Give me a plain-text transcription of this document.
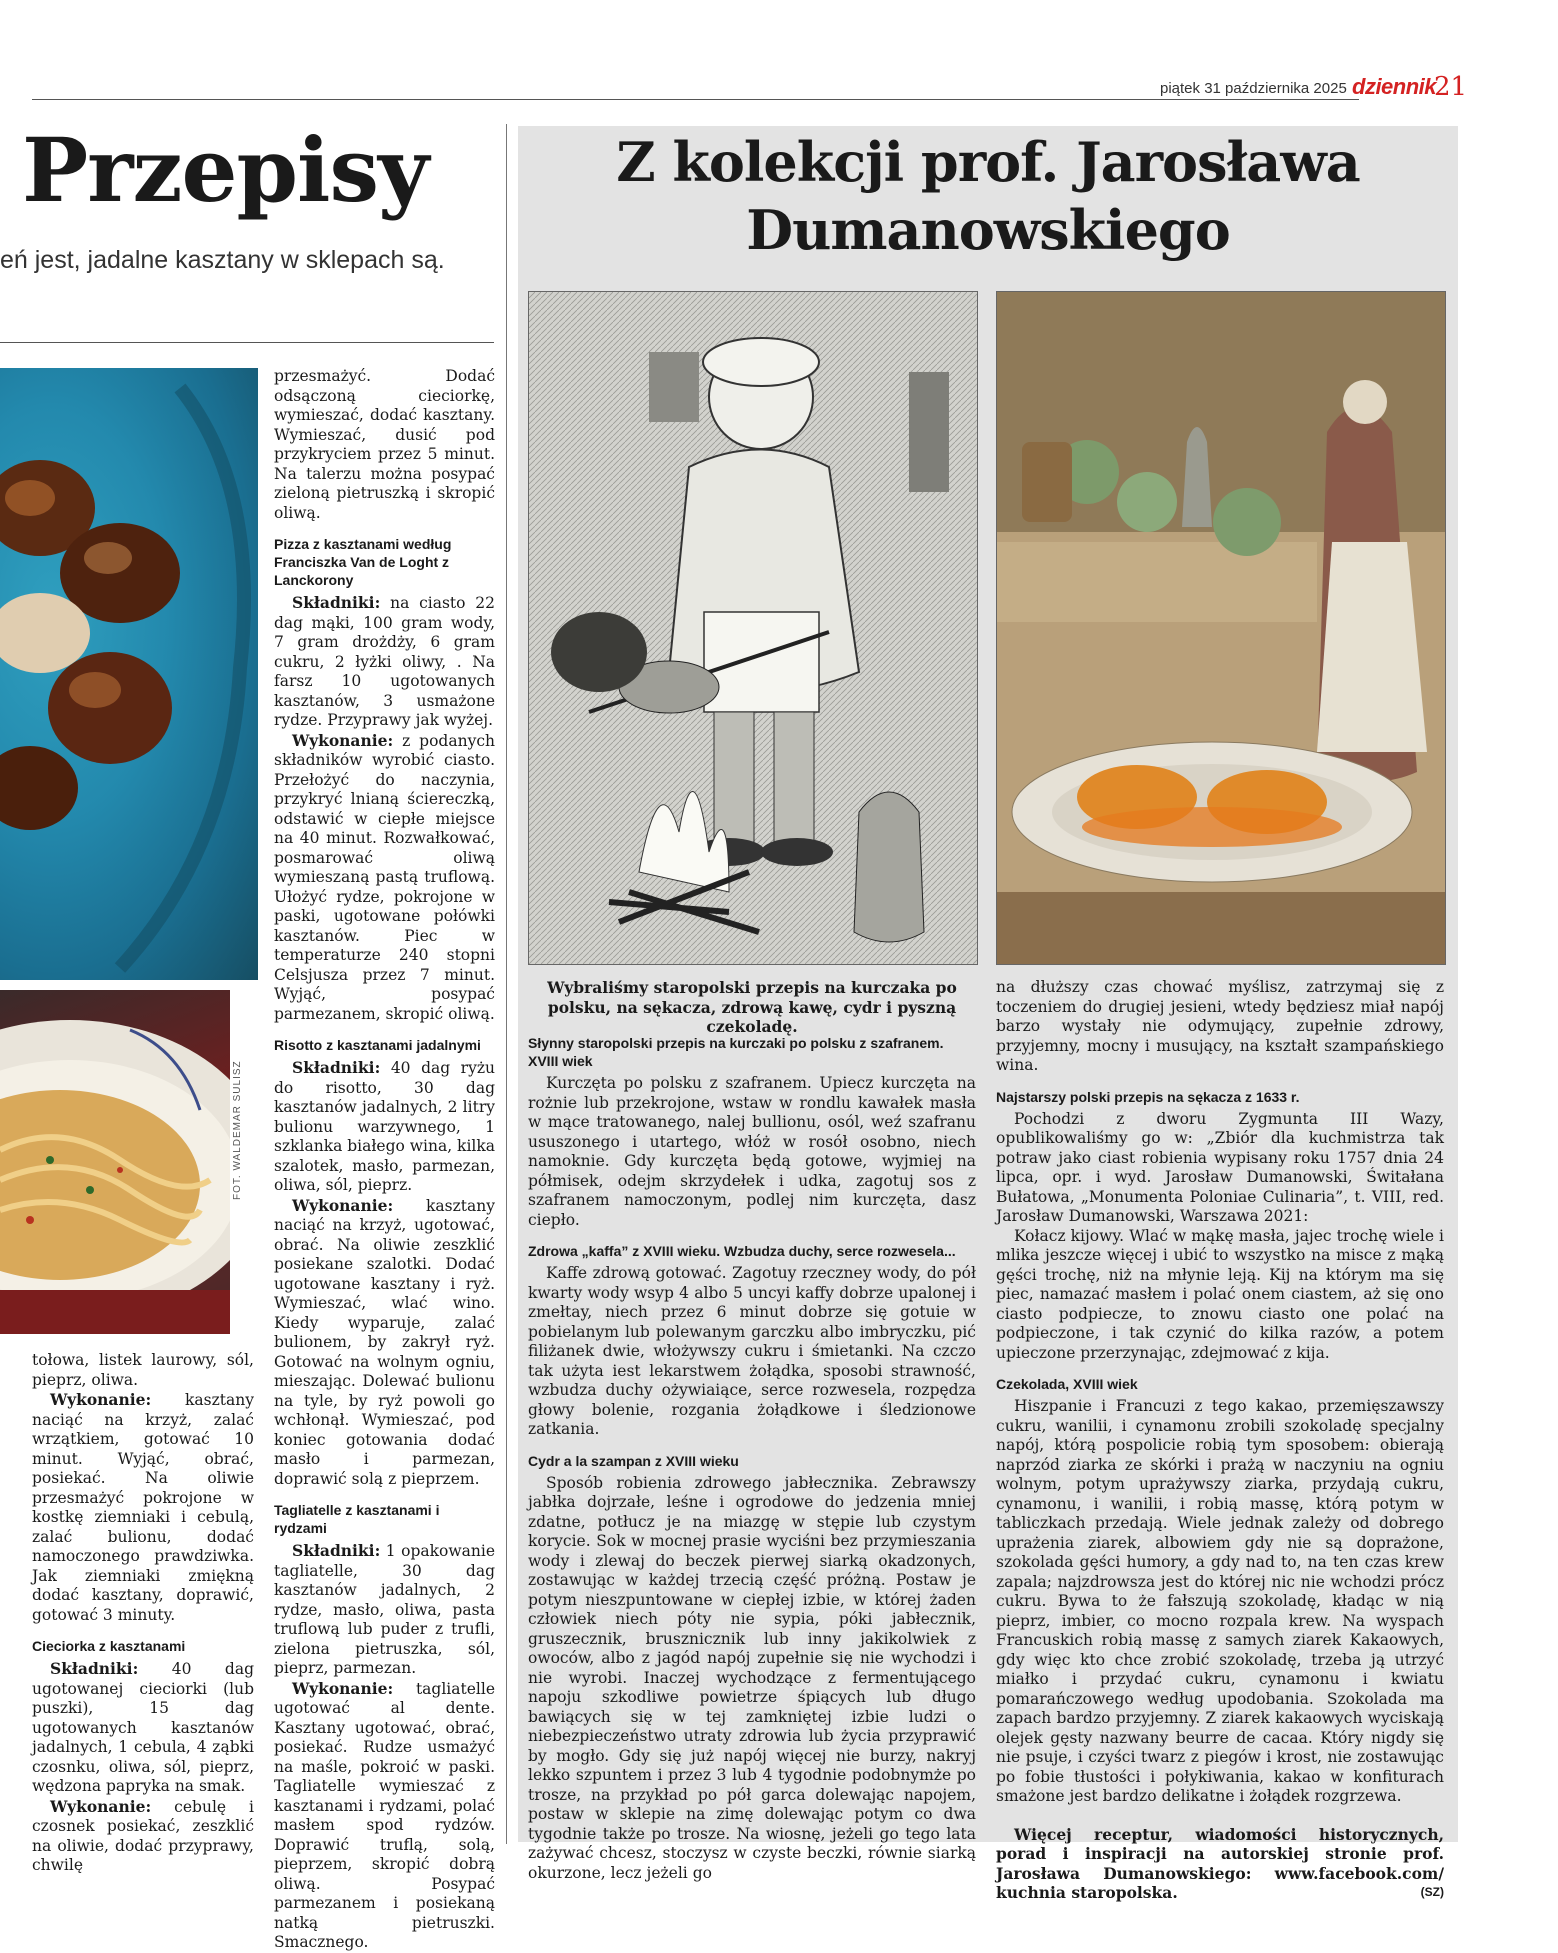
piątek 31 października 2025 dziennik
21
Przepisy
eń jest, jadalne kasztany w sklepach są.
FOT. WALDEMAR SULISZ

tołowa, listek laurowy, sól, pieprz, oliwa.

Wykonanie: kasztany naciąć na krzyż, zalać wrzątkiem, gotować 10 minut. Wyjąć, obrać, posiekać. Na oliwie przesmażyć pokrojone w kostkę ziemniaki i cebulą, zalać bulionu, dodać namoczonego prawdziwka. Jak ziemniaki zmiękną dodać kasztany, doprawić, gotować 3 minuty.

Cieciorka z kasztanami

Składniki: 40 dag ugotowanej cieciorki (lub puszki), 15 dag ugotowanych kasztanów jadalnych, 1 cebula, 4 ząbki czosnku, oliwa, sól, pieprz, wędzona papryka na smak.

Wykonanie: cebulę i czosnek posiekać, zeszklić na oliwie, dodać przyprawy, chwilę

przesmażyć. Dodać odsączoną cieciorkę, wymieszać, dodać kasztany. Wymieszać, dusić pod przykryciem przez 5 minut. Na talerzu można posypać zieloną pietruszką i skropić oliwą.

Pizza z kasztanami według Franciszka Van de Loght z Lanckorony

Składniki: na ciasto 22 dag mąki, 100 gram wody, 7 gram drożdży, 6 gram cukru, 2 łyżki oliwy, . Na farsz 10 ugotowanych kasztanów, 3 usmażone rydze. Przyprawy jak wyżej.

Wykonanie: z podanych składników wyrobić ciasto. Przełożyć do naczynia, przykryć lnianą ściereczką, odstawić w ciepłe miejsce na 40 minut. Rozwałkować, posmarować oliwą wymieszaną pastą truflową. Ułożyć rydze, pokrojone w paski, ugotowane połówki kasztanów. Piec w temperaturze 240 stopni Celsjusza przez 7 minut. Wyjąć, posypać parmezanem, skropić oliwą.

Risotto z kasztanami jadalnymi

Składniki: 40 dag ryżu do risotto, 30 dag kasztanów jadalnych, 2 litry bulionu warzywnego, 1 szklanka białego wina, kilka szalotek, masło, parmezan, oliwa, sól, pieprz.

Wykonanie: kasztany naciąć na krzyż, ugotować, obrać. Na oliwie zeszklić posiekane szalotki. Dodać ugotowane kasztany i ryż. Wymieszać, wlać wino. Kiedy wyparuje, zalać bulionem, by zakrył ryż. Gotować na wolnym ogniu, mieszając. Dolewać bulionu na tyle, by ryż powoli go wchłonął. Wymieszać, pod koniec gotowania dodać masło i parmezan, doprawić solą z pieprzem.

Tagliatelle z kasztanami i rydzami

Składniki: 1 opakowanie tagliatelle, 30 dag kasztanów jadalnych, 2 rydze, masło, oliwa, pasta truflową lub puder z trufli, zielona pietruszka, sól, pieprz, parmezan.

Wykonanie: tagliatelle ugotować al dente. Kasztany ugotować, obrać, posiekać. Rudze usmażyć na maśle, pokroić w paski. Tagliatelle wymieszać z kasztanami i rydzami, polać masłem spod rydzów. Doprawić truflą, solą, pieprzem, skropić dobrą oliwą. Posypać parmezanem i posiekaną natką pietruszki. Smacznego.

Z kolekcji prof. Jarosława
Dumanowskiego
Wybraliśmy staropolski przepis na kurczaka po polsku, na sękacza, zdrową kawę, cydr i pyszną czekoladę.
Słynny staropolski przepis na kurczaki po polsku z szafranem. XVIII wiek

Kurczęta po polsku z szafranem. Upiecz kurczęta na rożnie lub przekrojone, wstaw w rondlu kawałek masła w mące tratowanego, nalej bullionu, osól, weź szafranu ususzonego i utartego, włóż w rosół osobno, niech namoknie. Gdy kurczęta będą gotowe, wyjmiej na półmisek, odejm skrzydełek i udka, zagotuj sos z szafranem namoczonym, podlej nim kurczęta, dasz ciepło.

Zdrowa „kaffa” z XVIII wieku. Wzbudza duchy, serce rozwesela...

Kaffe zdrową gotować. Zagotuy rzeczney wody, do pół kwarty wody wsyp 4 albo 5 uncyi kaffy dobrze upalonej i zmełtay, niech przez 6 minut dobrze się gotuie w pobielanym lub polewanym garczku albo imbryczku, pić filiżanek dwie, włożywszy cukru i śmietanki. Na czczo tak użyta iest lekarstwem żołądka, sposobi strawność, wzbudza duchy ożywiaiące, serce rozwesela, rozpędza głowy bolenie, rozgania żołądkowe i śledzionowe zatkania.

Cydr a la szampan z XVIII wieku

Sposób robienia zdrowego jabłecznika. Zebrawszy jabłka dojrzałe, leśne i ogrodowe do jedzenia mniej zdatne, potłucz je na miazgę w stępie lub czystym korycie. Sok w mocnej prasie wyciśni bez przymieszania wody i zlewaj do beczek pierwej siarką okadzonych, zostawując w każdej trzecią część próżną. Postaw je potym nieszpuntowane w ciepłej izbie, w której żaden człowiek niech póty nie sypia, póki jabłecznik, gruszecznik, brusznicznik lub inny jakikolwiek z owoców, albo z jagód napój zupełnie się nie wychodzi i nie wyrobi. Inaczej wychodzące z fermentującego napoju szkodliwe powietrze śpiących lub długo bawiących się w tej zamkniętej izbie ludzi o niebezpieczeństwo utraty zdrowia lub życia przyprawić by mogło. Gdy się już napój więcej nie burzy, nakryj lekko szpuntem i przez 3 lub 4 tygodnie podobnymże po trosze, na przykład po pół garca dolewając napojem, postaw w sklepie na zimę dolewając potym co dwa tygodnie także po trosze. Na wiosnę, jeżeli go tego lata zażywać chcesz, stoczysz w czyste beczki, równie siarką okurzone, lecz jeżeli go

na dłuższy czas chować myślisz, zatrzymaj się z toczeniem do drugiej jesieni, wtedy będziesz miał napój barzo wystały nie odymujący, zupełnie zdrowy, przyjemny, mocny i musujący, na kształt szampańskiego wina.

Najstarszy polski przepis na sękacza z 1633 r.

Pochodzi z dworu Zygmunta III Wazy, opublikowaliśmy go w: „Zbiór dla kuchmistrza tak potraw jako ciast robienia wypisany roku 1757 dnia 24 lipca, opr. i wyd. Jarosław Dumanowski, Świtałana Bułatowa, „Monumenta Poloniae Culinaria”, t. VIII, red. Jarosław Dumanowski, Warszawa 2021:

Kołacz kijowy. Wlać w mąkę masła, jajec trochę wiele i mlika jeszcze więcej i ubić to wszystko na misce z mąką gęści trochę, niż na młynie leją. Kij na którym ma się piec, namazać masłem i polać onem ciastem, aż się ono ciasto podpiecze, to znowu ciasto one polać na podpieczone, i tak czynić do kilka razów, a potem upieczone przerzynając, zdejmować z kija.

Czekolada, XVIII wiek

Hiszpanie i Francuzi z tego kakao, przemięszawszy cukru, wanilii, i cynamonu zrobili szokoladę specjalny napój, którą pospolicie robią tym sposobem: obierają naprzód ziarka ze skórki i prażą w naczyniu na ogniu wolnym, potym uprażywszy ziarka, przydają cukru, cynamonu, i wanilii, i robią massę, którą potym w tabliczkach przedają. Wiele jednak zależy od dobrego uprażenia ziarek, albowiem gdy nie są doprażone, szokolada gęści humory, a gdy nad to, na ten czas krew zapala; najzdrowsza jest do której nic nie wchodzi prócz cukru. Bywa to że fałszują szokoladę, kładąc w nią pieprz, imbier, co mocno rozpala krew. Na wyspach Francuskich robią massę z samych ziarek Kakaowych, gdy więc kto chce zrobić szokoladę, trzeba ją utrzyć miałko i przydać cukru, cynamonu i kwiatu pomarańczowego według upodobania. Szokolada ma zapach bardzo przyjemny. Z ziarek kakaowych wyciskają olejek gęsty nazwany beurre de cacaa. Który nigdy się nie psuje, i czyści twarz z piegów i krost, nie zostawując po fobie tłustości i połykiwania, kakao w konfiturach smażone jest bardzo delikatne i żołądek rozgrzewa.

Więcej receptur, wiadomości historycznych, porad i inspiracji na autorskiej stronie prof. Jarosława Dumanowskiego: www.facebook.com/ kuchnia staropolska.	(SZ)
